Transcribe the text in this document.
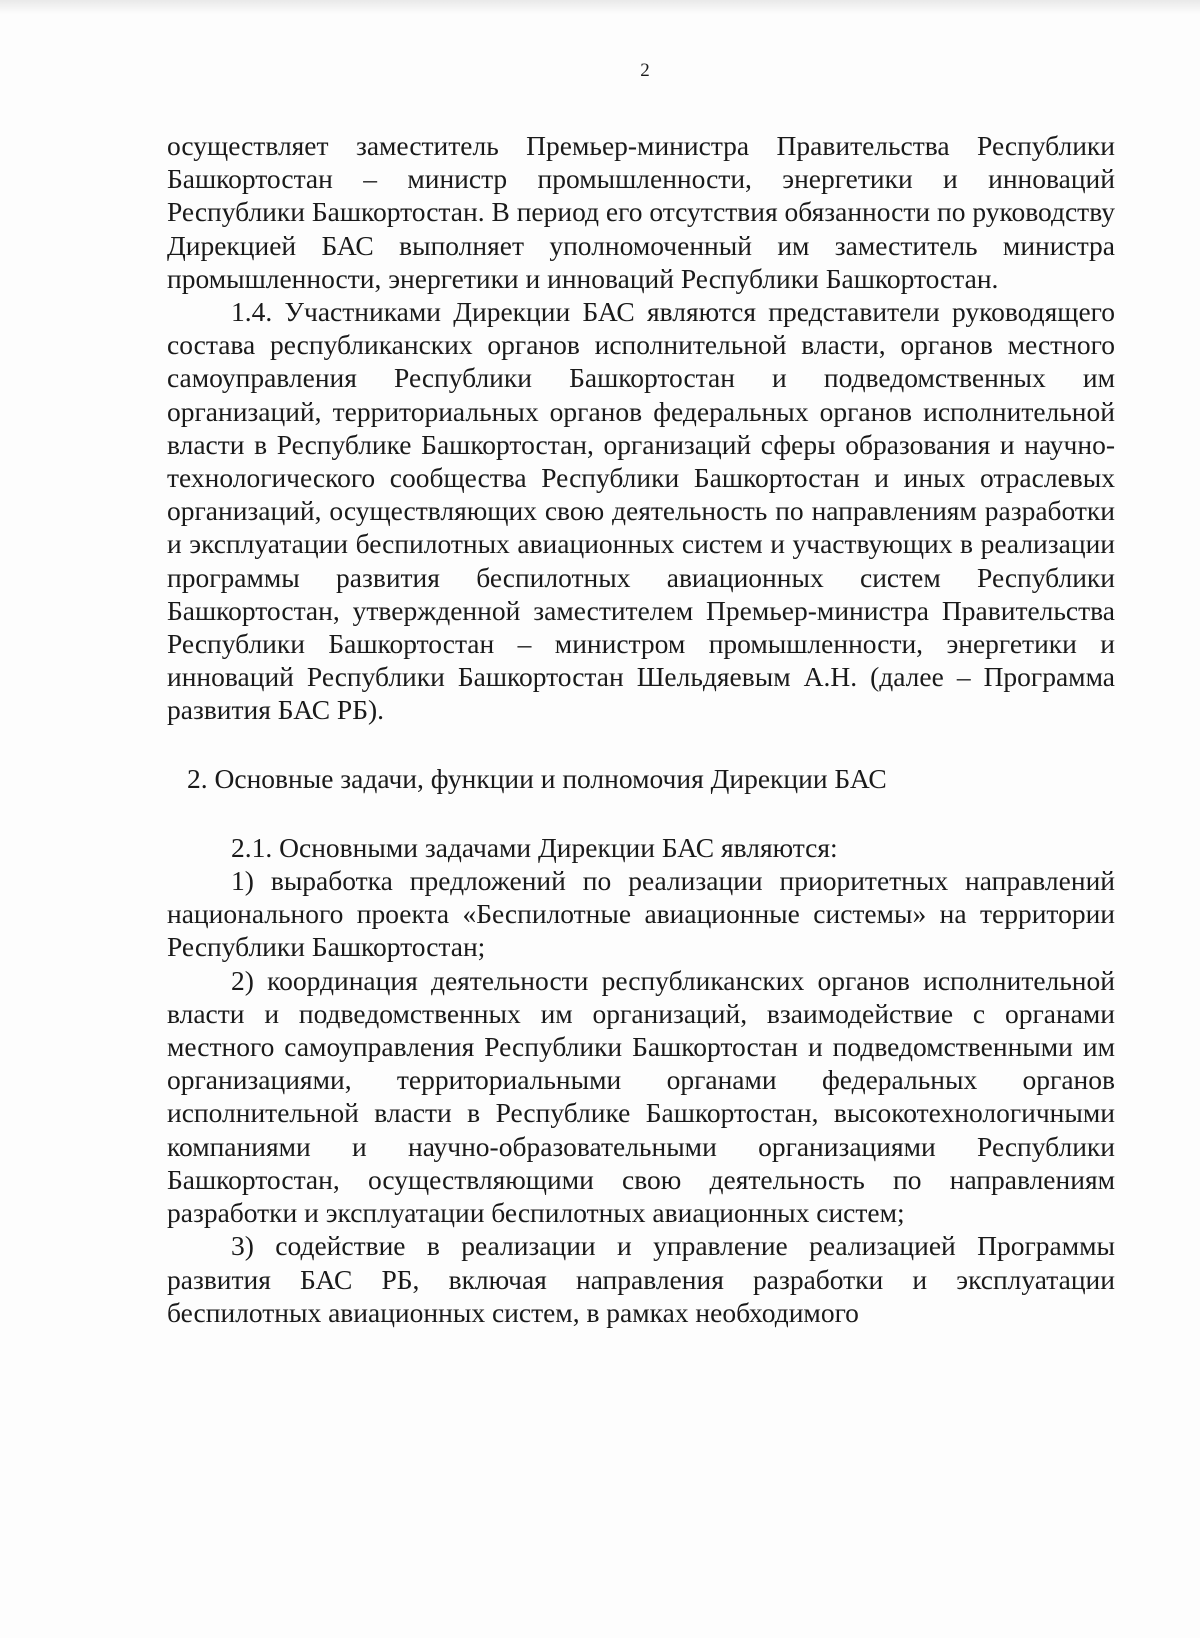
2

осуществляет заместитель Премьер-министра Правительства Республики Башкортостан – министр промышленности, энергетики и инноваций Республики Башкортостан. В период его отсутствия обязанности по руководству Дирекцией БАС выполняет уполномоченный им заместитель министра промышленности, энергетики и инноваций Республики Башкортостан.

1.4. Участниками Дирекции БАС являются представители руководящего состава республиканских органов исполнительной власти, органов местного самоуправления Республики Башкортостан и подведомственных им организаций, территориальных органов федеральных органов исполнительной власти в Республике Башкортостан, организаций сферы образования и научно-технологического сообщества Республики Башкортостан и иных отраслевых организаций, осуществляющих свою деятельность по направлениям разработки и эксплуатации беспилотных авиационных систем и участвующих в реализации программы развития беспилотных авиационных систем Республики Башкортостан, утвержденной заместителем Премьер-министра Правительства Республики Башкортостан – министром промышленности, энергетики и инноваций Республики Башкортостан Шельдяевым А.Н. (далее – Программа развития БАС РБ).

2. Основные задачи, функции и полномочия Дирекции БАС

2.1. Основными задачами Дирекции БАС являются:

1) выработка предложений по реализации приоритетных направлений национального проекта «Беспилотные авиационные системы» на территории Республики Башкортостан;

2) координация деятельности республиканских органов исполнительной власти и подведомственных им организаций, взаимодействие с органами местного самоуправления Республики Башкортостан и подведомственными им организациями, территориальными органами федеральных органов исполнительной власти в Республике Башкортостан, высокотехнологичными компаниями и научно-образовательными организациями Республики Башкортостан, осуществляющими свою деятельность по направлениям разработки и эксплуатации беспилотных авиационных систем;

3) содействие в реализации и управление реализацией Программы развития БАС РБ, включая направления разработки и эксплуатации беспилотных авиационных систем, в рамках необходимого
